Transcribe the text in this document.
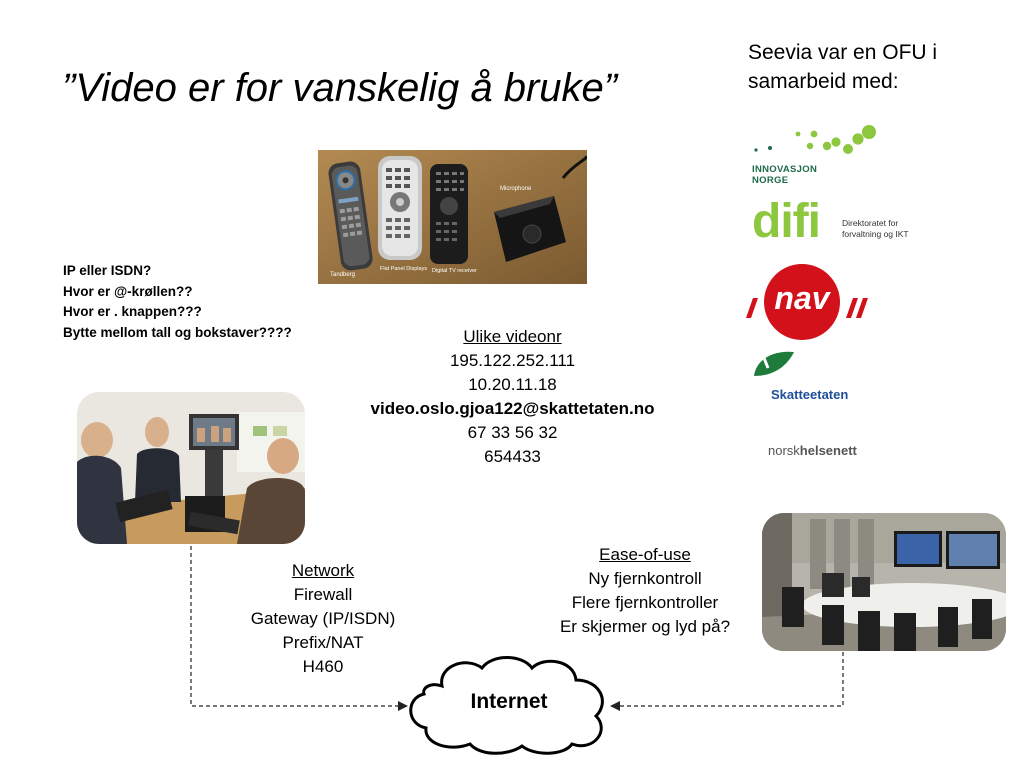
”Video er for vanskelig å bruke”
Seevia var en OFU i samarbeid med:
INNOVASJON
NORGE
difi	Direktoratet for
forvaltning og IKT
nav
Skatteetaten
norskhelsenett
Tandberg
Flat Panel Displays Digital TV receiver
Microphone
IP eller ISDN?
Hvor er @-krøllen??
Hvor er . knappen???
Bytte mellom tall og bokstaver????	Ulike videonr
195.122.252.111
10.20.11.18
video.oslo.gjoa122@skattetaten.no
67 33 56 32
654433
Network
Firewall
Gateway (IP/ISDN)
Prefix/NAT
H460
Ease-of-use
Ny fjernkontroll
Flere fjernkontroller
Er skjermer og lyd på?
Internet
